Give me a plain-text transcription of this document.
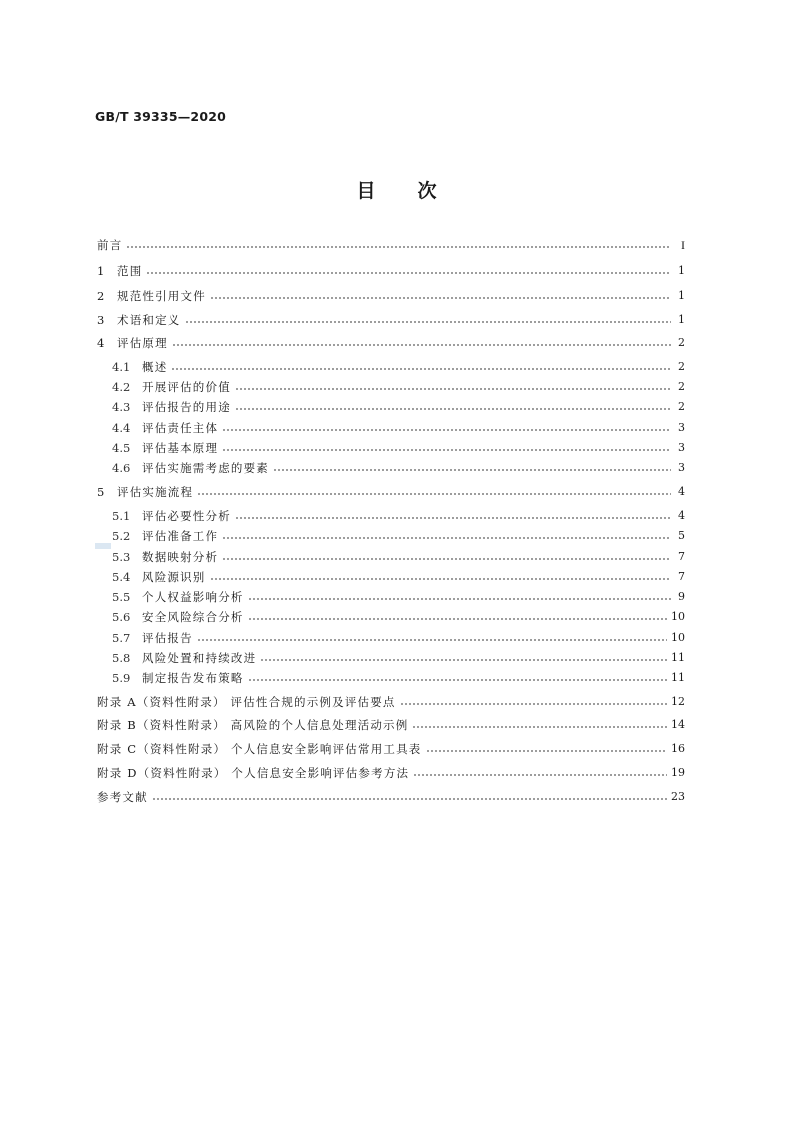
GB/T 39335—2020
目 次
前言	I
1	范围	1
2	规范性引用文件	1
3	术语和定义	1
4	评估原理	2
4.1	概述	2
4.2	开展评估的价值	2
4.3	评估报告的用途	2
4.4	评估责任主体	3
4.5	评估基本原理	3
4.6	评估实施需考虑的要素	3
5	评估实施流程	4
5.1	评估必要性分析	4
5.2	评估准备工作	5
5.3	数据映射分析	7
5.4	风险源识别	7
5.5	个人权益影响分析	9
5.6	安全风险综合分析	10
5.7	评估报告	10
5.8	风险处置和持续改进	11
5.9	制定报告发布策略	11
附录 A（资料性附录） 评估性合规的示例及评估要点	12
附录 B（资料性附录） 高风险的个人信息处理活动示例	14
附录 C（资料性附录） 个人信息安全影响评估常用工具表	16
附录 D（资料性附录） 个人信息安全影响评估参考方法	19
参考文献	23
